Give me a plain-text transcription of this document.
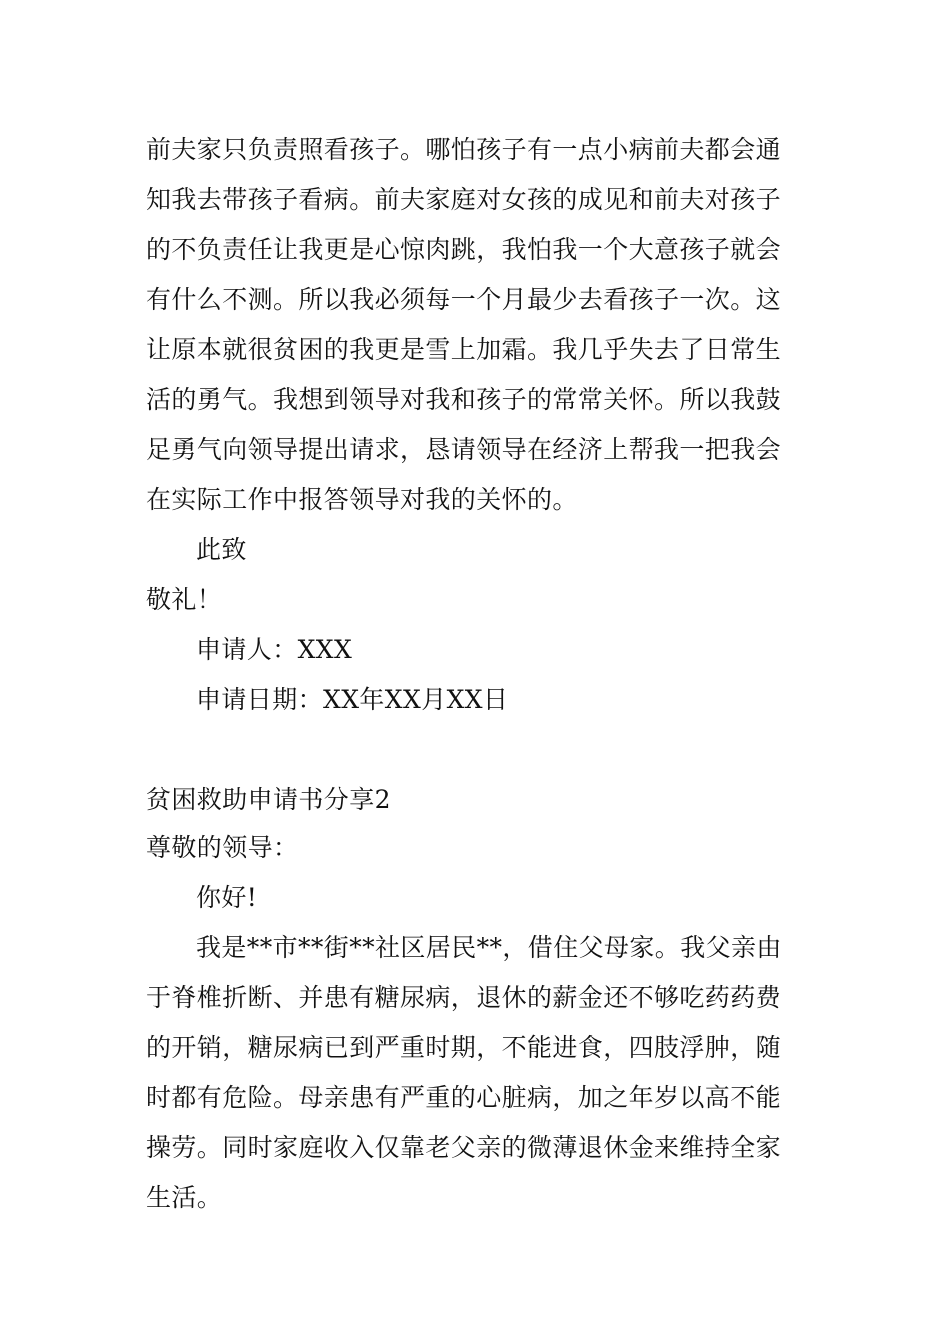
前夫家只负责照看孩子。哪怕孩子有一点小病前夫都会通
知我去带孩子看病。前夫家庭对女孩的成见和前夫对孩子
的不负责任让我更是心惊肉跳，我怕我一个大意孩子就会
有什么不测。所以我必须每一个月最少去看孩子一次。这
让原本就很贫困的我更是雪上加霜。我几乎失去了日常生
活的勇气。我想到领导对我和孩子的常常关怀。所以我鼓
足勇气向领导提出请求，恳请领导在经济上帮我一把我会
在实际工作中报答领导对我的关怀的。
此致
敬礼！
申请人：XXX
申请日期：XX年XX月XX日
贫困救助申请书分享2
尊敬的领导：
你好!
我是**市**街**社区居民**，借住父母家。我父亲由
于脊椎折断、并患有糖尿病，退休的薪金还不够吃药药费
的开销，糖尿病已到严重时期，不能进食，四肢浮肿，随
时都有危险。母亲患有严重的心脏病，加之年岁以高不能
操劳。同时家庭收入仅靠老父亲的微薄退休金来维持全家
生活。
